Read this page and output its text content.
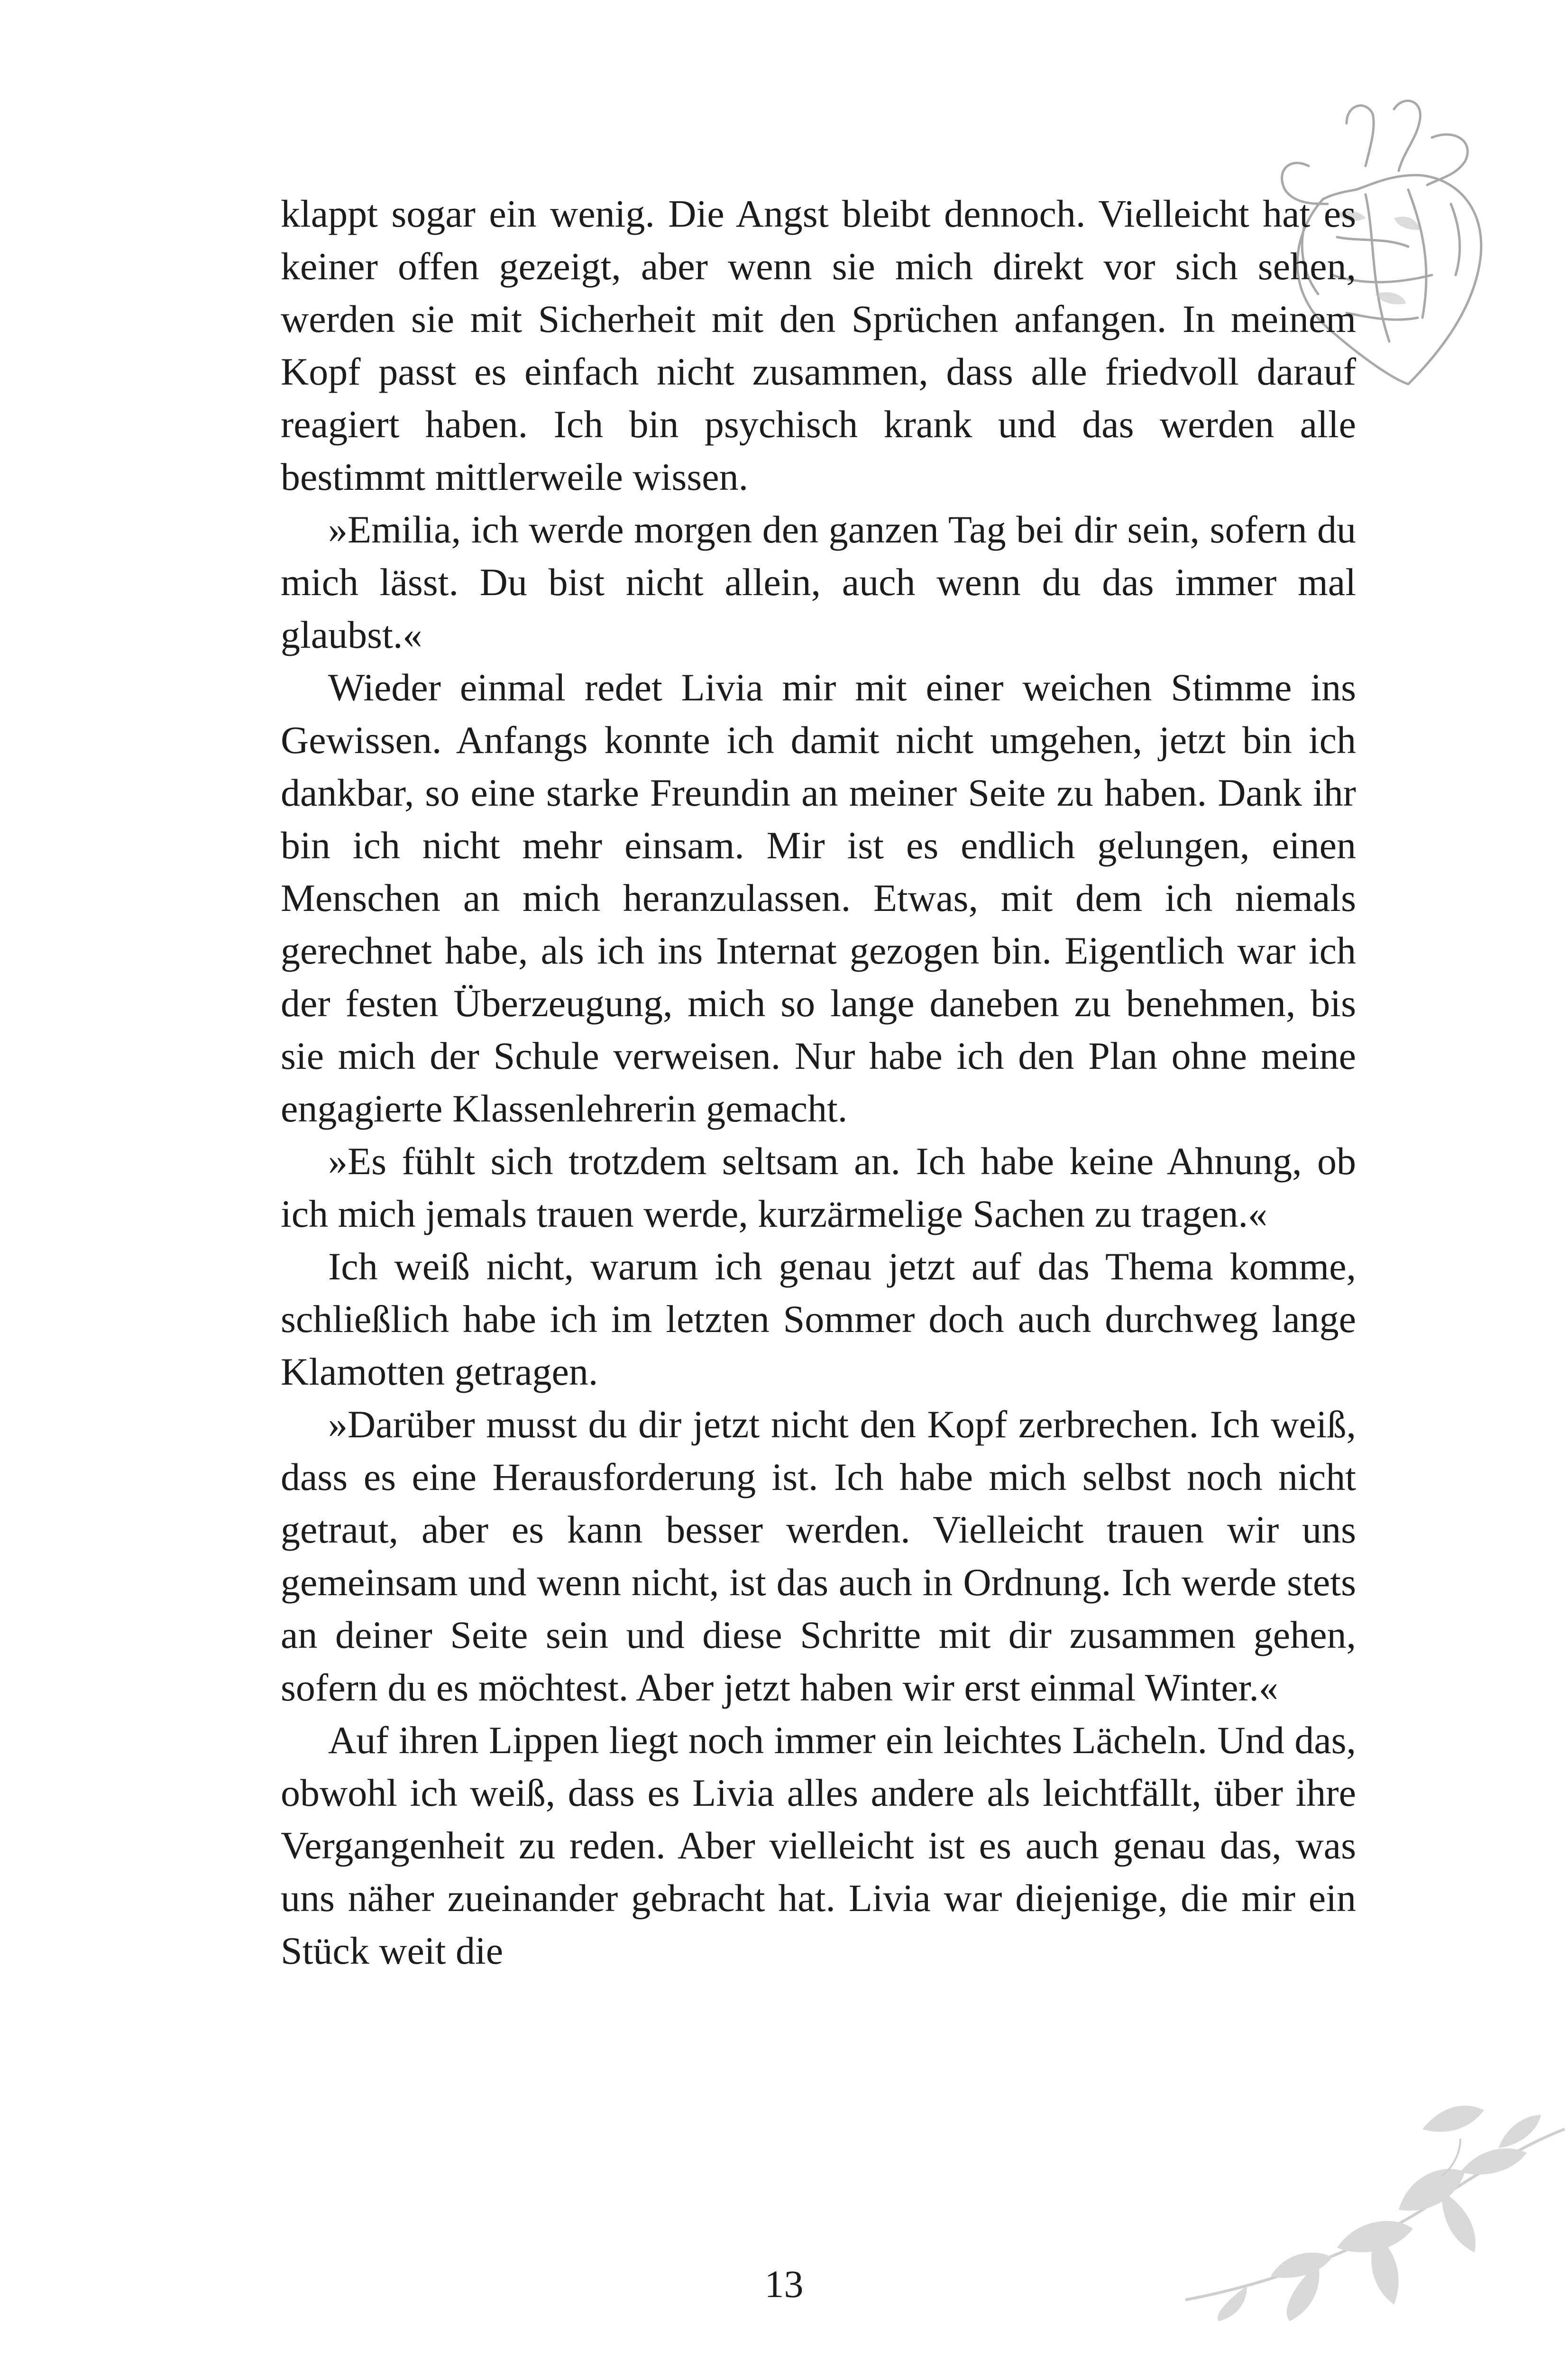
klappt sogar ein wenig. Die Angst bleibt dennoch. Vielleicht hat es keiner offen gezeigt, aber wenn sie mich direkt vor sich sehen, werden sie mit Sicherheit mit den Sprüchen anfangen. In meinem Kopf passt es einfach nicht zusammen, dass alle friedvoll darauf reagiert haben. Ich bin psychisch krank und das werden alle bestimmt mittlerweile wissen.

»Emilia, ich werde morgen den ganzen Tag bei dir sein, sofern du mich lässt. Du bist nicht allein, auch wenn du das immer mal glaubst.«

Wieder einmal redet Livia mir mit einer weichen Stimme ins Gewissen. Anfangs konnte ich damit nicht umgehen, jetzt bin ich dankbar, so eine starke Freundin an meiner Seite zu haben. Dank ihr bin ich nicht mehr einsam. Mir ist es endlich gelungen, einen Menschen an mich heranzulassen. Etwas, mit dem ich niemals gerechnet habe, als ich ins Internat gezogen bin. Eigentlich war ich der festen Überzeugung, mich so lange daneben zu benehmen, bis sie mich der Schule verweisen. Nur habe ich den Plan ohne meine engagierte Klassenlehrerin gemacht.

»Es fühlt sich trotzdem seltsam an. Ich habe keine Ahnung, ob ich mich jemals trauen werde, kurzärmelige Sachen zu tragen.«

Ich weiß nicht, warum ich genau jetzt auf das Thema komme, schließlich habe ich im letzten Sommer doch auch durchweg lange Klamotten getragen.

»Darüber musst du dir jetzt nicht den Kopf zerbrechen. Ich weiß, dass es eine Herausforderung ist. Ich habe mich selbst noch nicht getraut, aber es kann besser werden. Vielleicht trauen wir uns gemeinsam und wenn nicht, ist das auch in Ordnung. Ich werde stets an deiner Seite sein und diese Schritte mit dir zusammen gehen, sofern du es möchtest. Aber jetzt haben wir erst einmal Winter.«

Auf ihren Lippen liegt noch immer ein leichtes Lächeln. Und das, obwohl ich weiß, dass es Livia alles andere als leichtfällt, über ihre Vergangenheit zu reden. Aber vielleicht ist es auch genau das, was uns näher zueinander gebracht hat. Livia war diejenige, die mir ein Stück weit die

13
